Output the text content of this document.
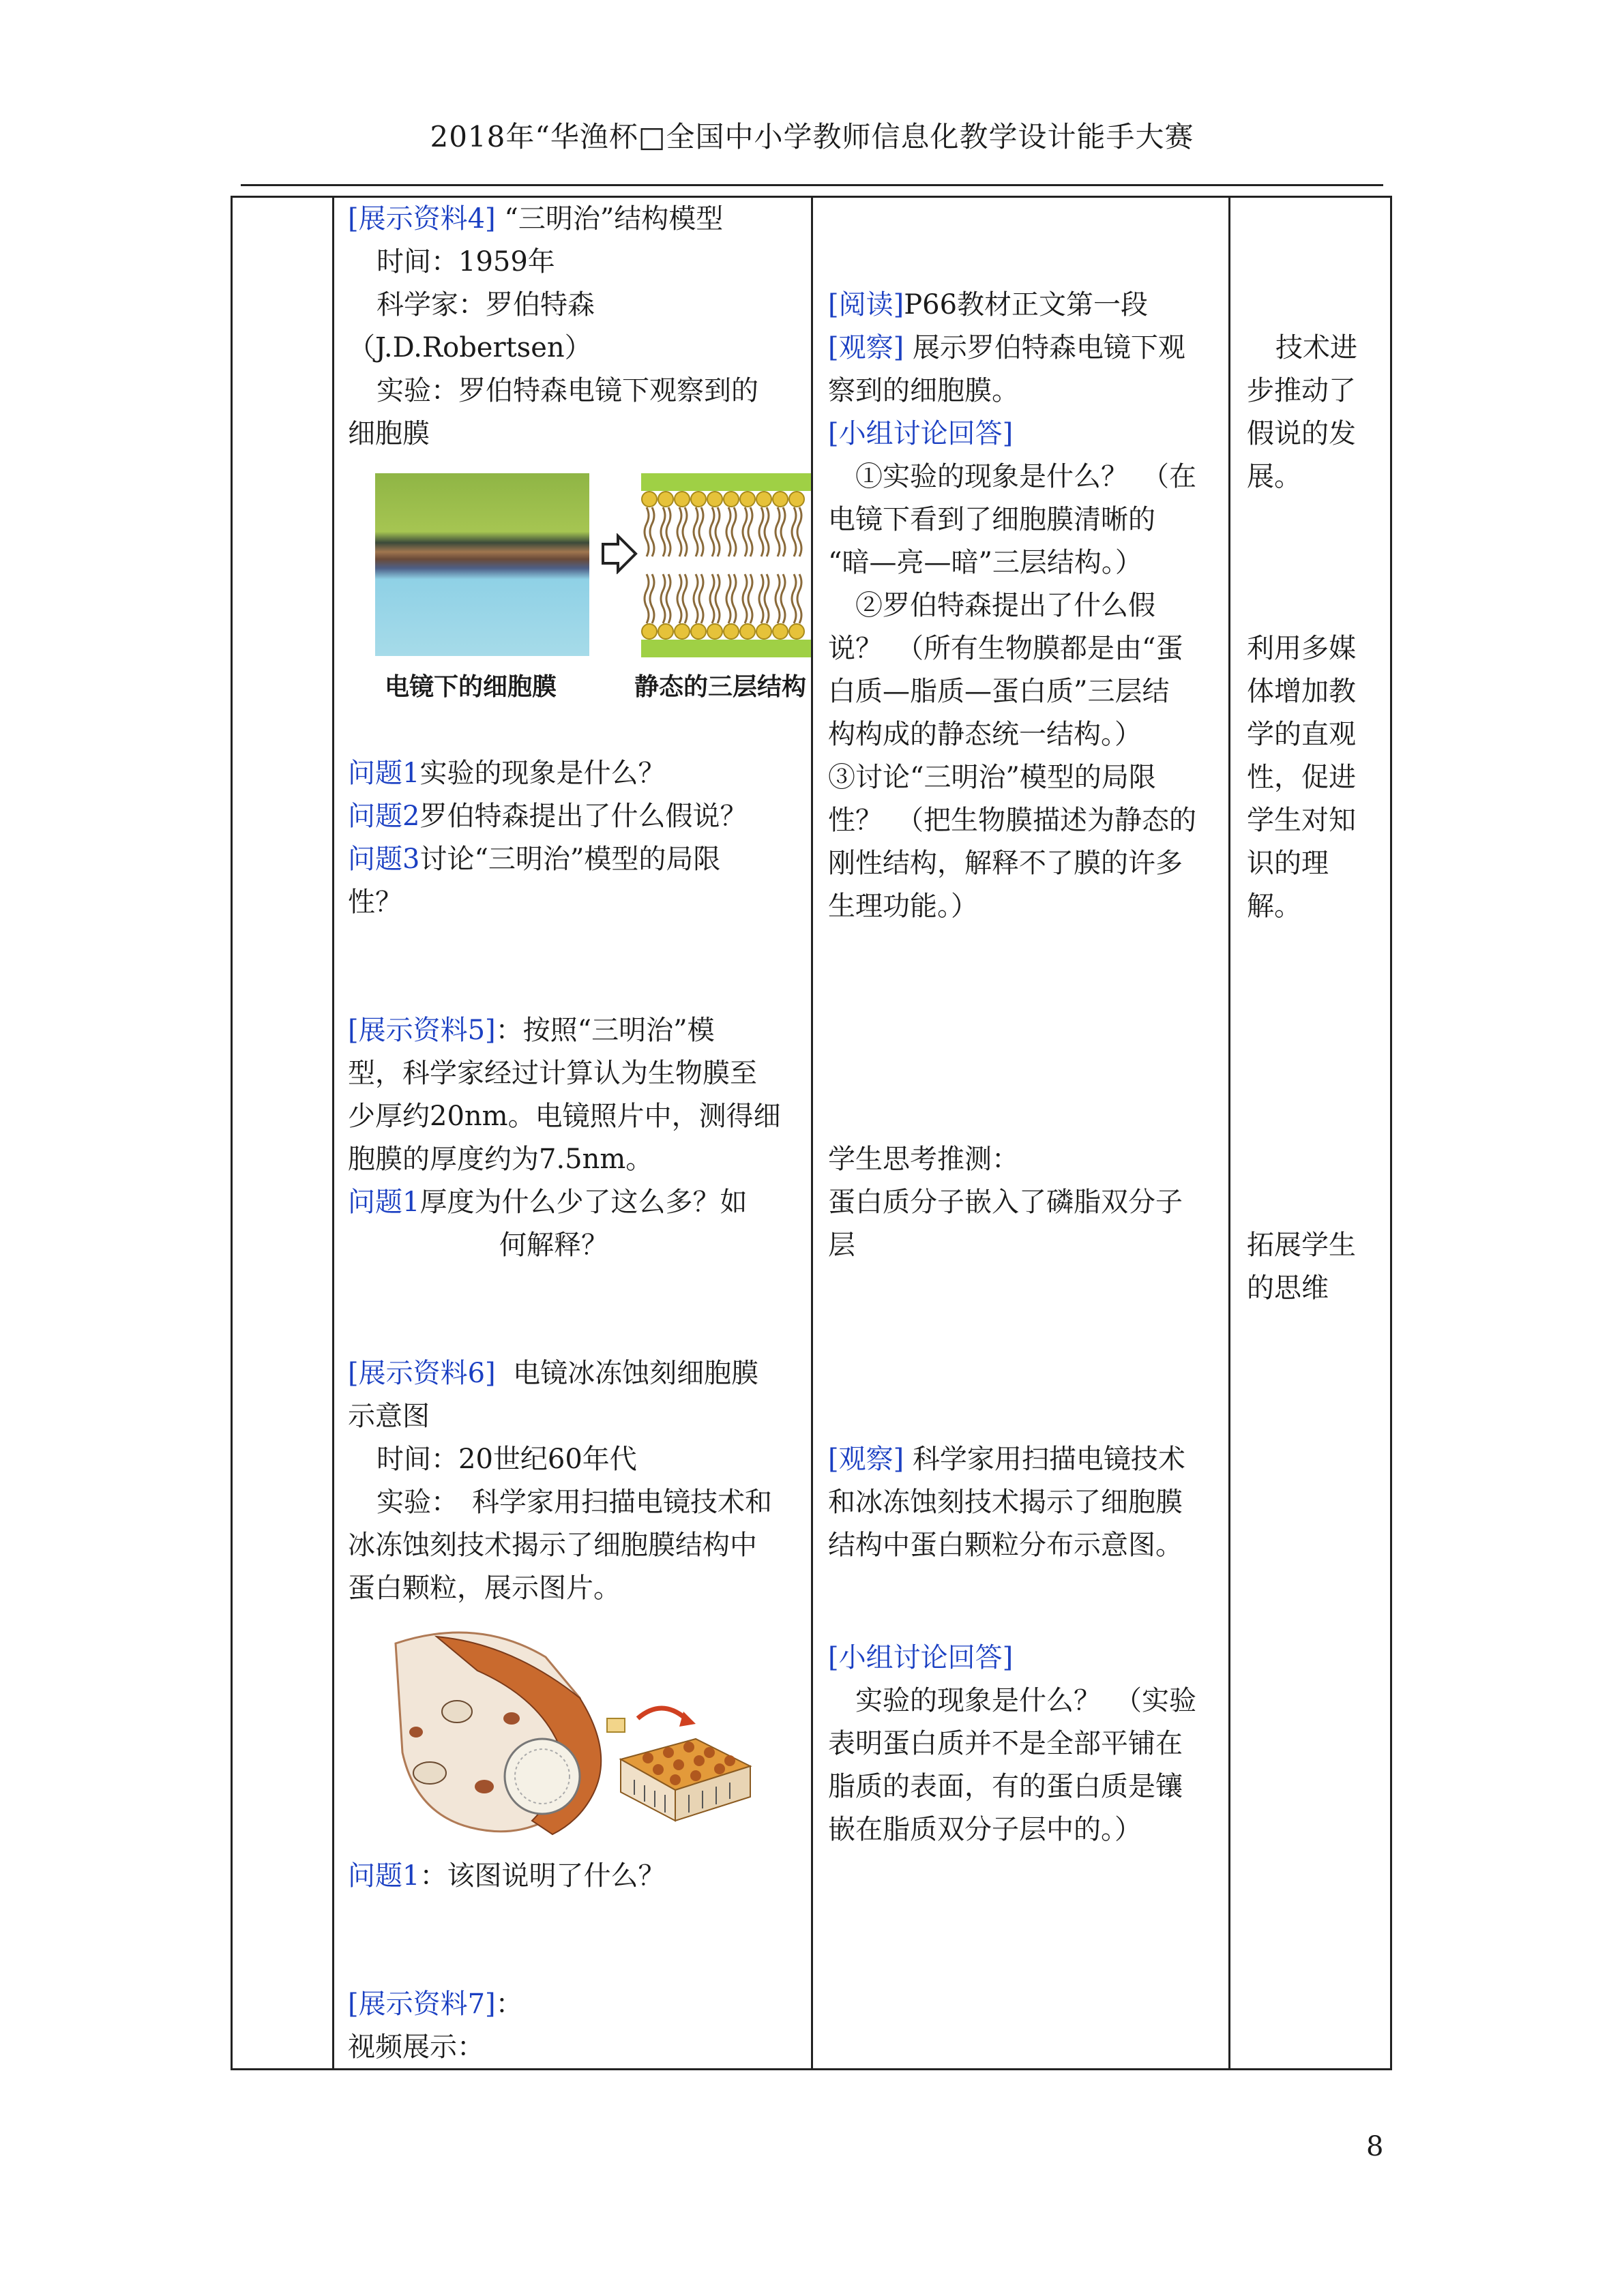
2018年“华渔杯□全国中小学教师信息化教学设计能手大赛
[展示资料4] “三明治”结构模型
时间：1959年
科学家：罗伯特森
（J.D.Robertsen）
实验：罗伯特森电镜下观察到的
细胞膜
电镜下的细胞膜	静态的三层结构
问题1实验的现象是什么？
问题2罗伯特森提出了什么假说？
问题3讨论“三明治”模型的局限
性？
[展示资料5]：按照“三明治”模
型，科学家经过计算认为生物膜至
少厚约20nm。电镜照片中，测得细
胞膜的厚度约为7.5nm。
问题1厚度为什么少了这么多？如
何解释？
[展示资料6] 电镜冰冻蚀刻细胞膜
示意图
时间：20世纪60年代
实验：　科学家用扫描电镜技术和
冰冻蚀刻技术揭示了细胞膜结构中
蛋白颗粒，展示图片。
问题1：该图说明了什么？
[展示资料7]：
视频展示：
[阅读]P66教材正文第一段
[观察] 展示罗伯特森电镜下观
察到的细胞膜。
[小组讨论回答]
①实验的现象是什么？　（在
电镜下看到了细胞膜清晰的
“暗—亮—暗”三层结构。）
②罗伯特森提出了什么假
说？　（所有生物膜都是由“蛋
白质—脂质—蛋白质”三层结
构构成的静态统一结构。）
③讨论“三明治”模型的局限
性？　（把生物膜描述为静态的
刚性结构，解释不了膜的许多
生理功能。）
学生思考推测：
蛋白质分子嵌入了磷脂双分子
层
[观察] 科学家用扫描电镜技术
和冰冻蚀刻技术揭示了细胞膜
结构中蛋白颗粒分布示意图。
[小组讨论回答]
实验的现象是什么？　（实验
表明蛋白质并不是全部平铺在
脂质的表面，有的蛋白质是镶
嵌在脂质双分子层中的。）
技术进
步推动了
假说的发
展。
利用多媒
体增加教
学的直观
性，促进
学生对知
识的理
解。
拓展学生
的思维
8
